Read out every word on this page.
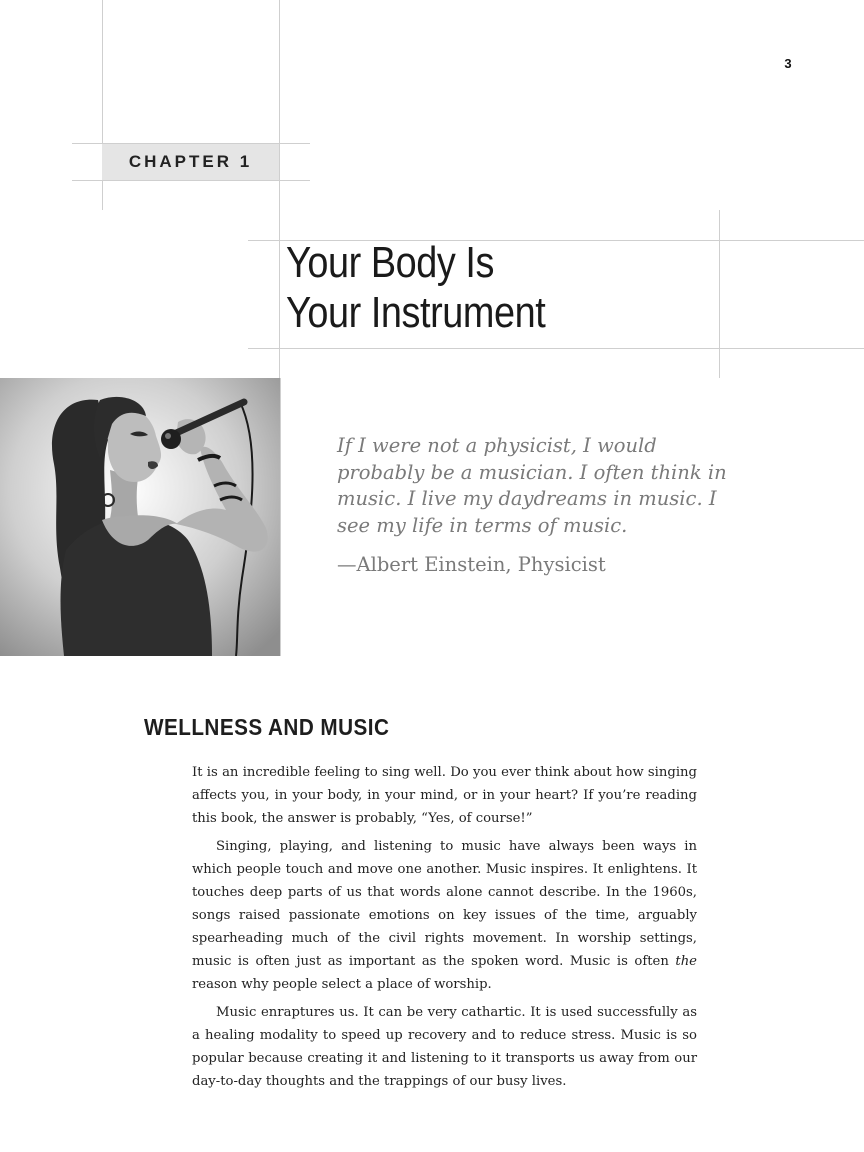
3
CHAPTER 1
Your Body Is
Your Instrument

If I were not a physicist, I would probably be a musician. I often think in music. I live my daydreams in music. I see my life in terms of music.

—Albert Einstein, Physicist

WELLNESS AND MUSIC

It is an incredible feeling to sing well. Do you ever think about how singing affects you, in your body, in your mind, or in your heart? If you’re reading this book, the answer is probably, “Yes, of course!”

Singing, playing, and listening to music have always been ways in which people touch and move one another. Music inspires. It enlightens. It touches deep parts of us that words alone cannot describe. In the 1960s, songs raised passionate emotions on key issues of the time, arguably spearheading much of the civil rights movement. In worship settings, music is often just as important as the spoken word. Music is often the reason why people select a place of worship.

Music enraptures us. It can be very cathartic. It is used successfully as a healing modality to speed up recovery and to reduce stress. Music is so popular because creating it and listening to it transports us away from our day-to-day thoughts and the trappings of our busy lives.
